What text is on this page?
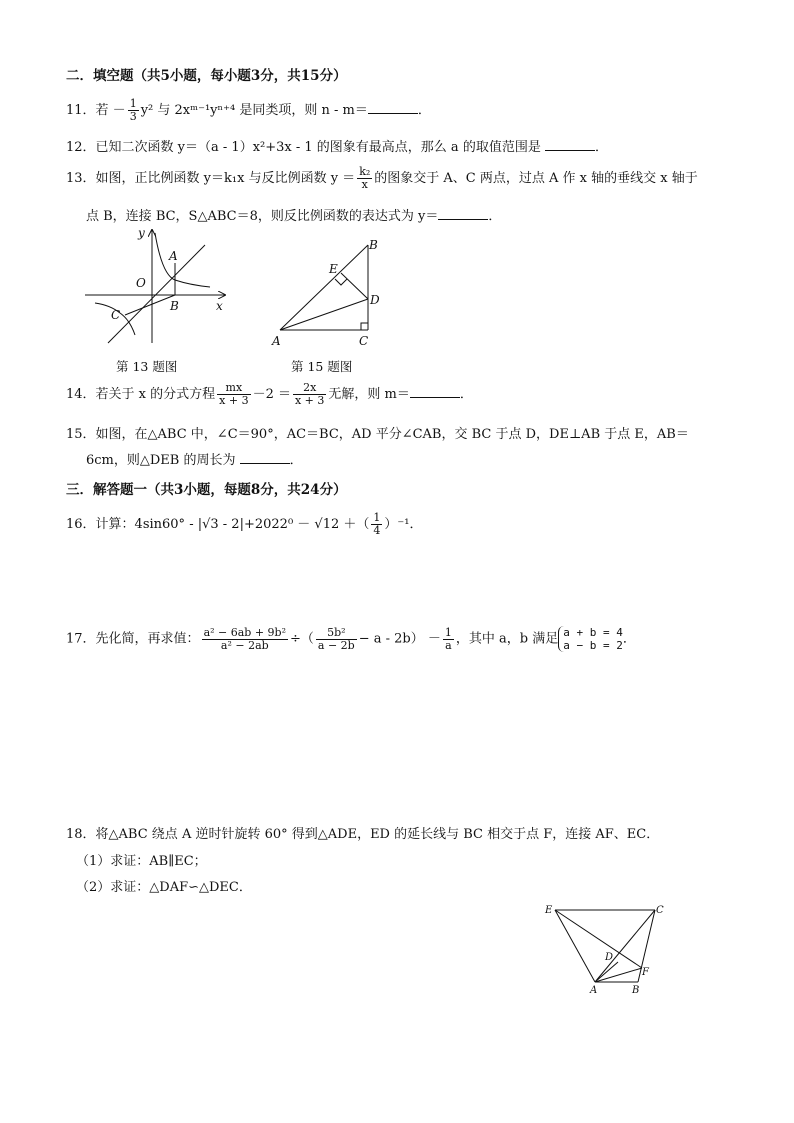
二．填空题（共5小题，每小题3分，共15分）
11．若 － $\frac{1}{3} y^2$ 与 2xᵐ⁻¹yⁿ⁺⁴ 是同类项，则 n - m＝	．
12．已知二次函数 y＝（a - 1）x²+3x - 1 的图象有最高点，那么 a 的取值范围是	．
13．如图，正比例函数 y＝k₁x 与反比例函数 $y = \frac{\text{k₂}}{x}$ 的图象交于 A、C 两点，过点 A 作 x 轴的垂线交 x 轴于
点 B，连接 BC，S△ABC＝8，则反比例函数的表达式为 y＝	．
y
A
O
B	x
C
第 13 题图
B
E
D
A	C
第 15 题图
14．若关于 x 的分式方程 $\frac{mx}{x + 3} -2 = \frac{2x}{x + 3}$ 无解，则 m＝	．
15．如图，在△ABC 中，∠C＝90°，AC＝BC，AD 平分∠CAB，交 BC 于点 D，DE⊥AB 于点 E，AB＝
6cm，则△DEB 的周长为	．
三．解答题一（共3小题，每题8分，共24分）
16．计算：4sin60° - |√3 - 2|+2022⁰ － √12 ＋（ $\frac{1}{4} )^{-1}$．
17．先化简，再求值： $\frac{\text{a² − 6ab + 9b²}}{\text{a² − 2ab}}$ ÷（ $\frac{\text{5b²}}{a - 2b} - a - 2b) - \frac{1}{a}$ ，其中 a，b 满足 a + b = 4
a − b = 2 ．
18．将△ABC 绕点 A 逆时针旋转 60° 得到△ADE，ED 的延长线与 BC 相交于点 F，连接 AF、EC．
（1）求证：AB∥EC；
（2）求证：△DAF∽△DEC．
E	C
D
F
A	B
